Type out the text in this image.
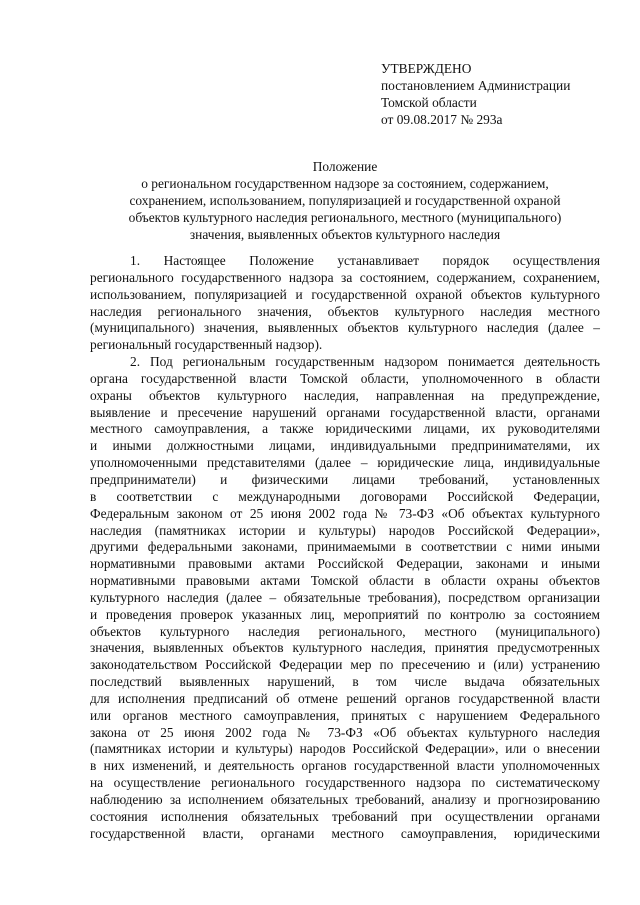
УТВЕРЖДЕНО
постановлением Администрации
Томской области
от 09.08.2017 № 293а
Положение
о региональном государственном надзоре за состоянием, содержанием,
сохранением, использованием, популяризацией и государственной охраной
объектов культурного наследия регионального, местного (муниципального)
значения, выявленных объектов культурного наследия
1. Настоящее Положение устанавливает порядок осуществления
регионального государственного надзора за состоянием, содержанием, сохранением,
использованием, популяризацией и государственной охраной объектов культурного
наследия регионального значения, объектов культурного наследия местного
(муниципального) значения, выявленных объектов культурного наследия (далее –
региональный государственный надзор).
2. Под региональным государственным надзором понимается деятельность
органа государственной власти Томской области, уполномоченного в области
охраны объектов культурного наследия, направленная на предупреждение,
выявление и пресечение нарушений органами государственной власти, органами
местного самоуправления, а также юридическими лицами, их руководителями
и иными должностными лицами, индивидуальными предпринимателями, их
уполномоченными представителями (далее – юридические лица, индивидуальные
предприниматели) и физическими лицами требований, установленных
в соответствии с международными договорами Российской Федерации,
Федеральным законом от 25 июня 2002 года № 73-ФЗ «Об объектах культурного
наследия (памятниках истории и культуры) народов Российской Федерации»,
другими федеральными законами, принимаемыми в соответствии с ними иными
нормативными правовыми актами Российской Федерации, законами и иными
нормативными правовыми актами Томской области в области охраны объектов
культурного наследия (далее – обязательные требования), посредством организации
и проведения проверок указанных лиц, мероприятий по контролю за состоянием
объектов культурного наследия регионального, местного (муниципального)
значения, выявленных объектов культурного наследия, принятия предусмотренных
законодательством Российской Федерации мер по пресечению и (или) устранению
последствий выявленных нарушений, в том числе выдача обязательных
для исполнения предписаний об отмене решений органов государственной власти
или органов местного самоуправления, принятых с нарушением Федерального
закона от 25 июня 2002 года № 73-ФЗ «Об объектах культурного наследия
(памятниках истории и культуры) народов Российской Федерации», или о внесении
в них изменений, и деятельность органов государственной власти уполномоченных
на осуществление регионального государственного надзора по систематическому
наблюдению за исполнением обязательных требований, анализу и прогнозированию
состояния исполнения обязательных требований при осуществлении органами
государственной власти, органами местного самоуправления, юридическими
